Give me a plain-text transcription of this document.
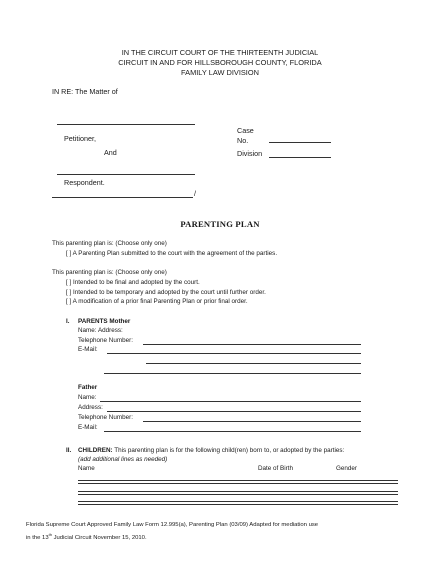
IN THE CIRCUIT COURT OF THE THIRTEENTH JUDICIAL
CIRCUIT IN AND FOR HILLSBOROUGH COUNTY, FLORIDA
FAMILY LAW DIVISION
IN RE: The Matter of
Petitioner,
And
Respondent.
/
Case
No.
Division
PARENTING PLAN
This parenting plan is: (Choose only one)
[ ] A Parenting Plan submitted to the court with the agreement of the parties.
This parenting plan is: (Choose only one)
[ ] Intended to be final and adopted by the court.
[ ] Intended to be temporary and adopted by the court until further order.
[ ] A modification of a prior final Parenting Plan or prior final order.
I. PARENTS Mother
Name: Address:
Telephone Number:
E-Mail:
Father
Name:
Address:
Telephone Number:
E-Mail:
II. CHILDREN: This parenting plan is for the following child(ren) born to, or adopted by the parties:
(add additional lines as needed)
Name	Date of Birth	Gender
Florida Supreme Court Approved Family Law Form 12.995(a), Parenting Plan (03/09) Adapted for mediation use
in the 13th Judicial Circuit November 15, 2010.
